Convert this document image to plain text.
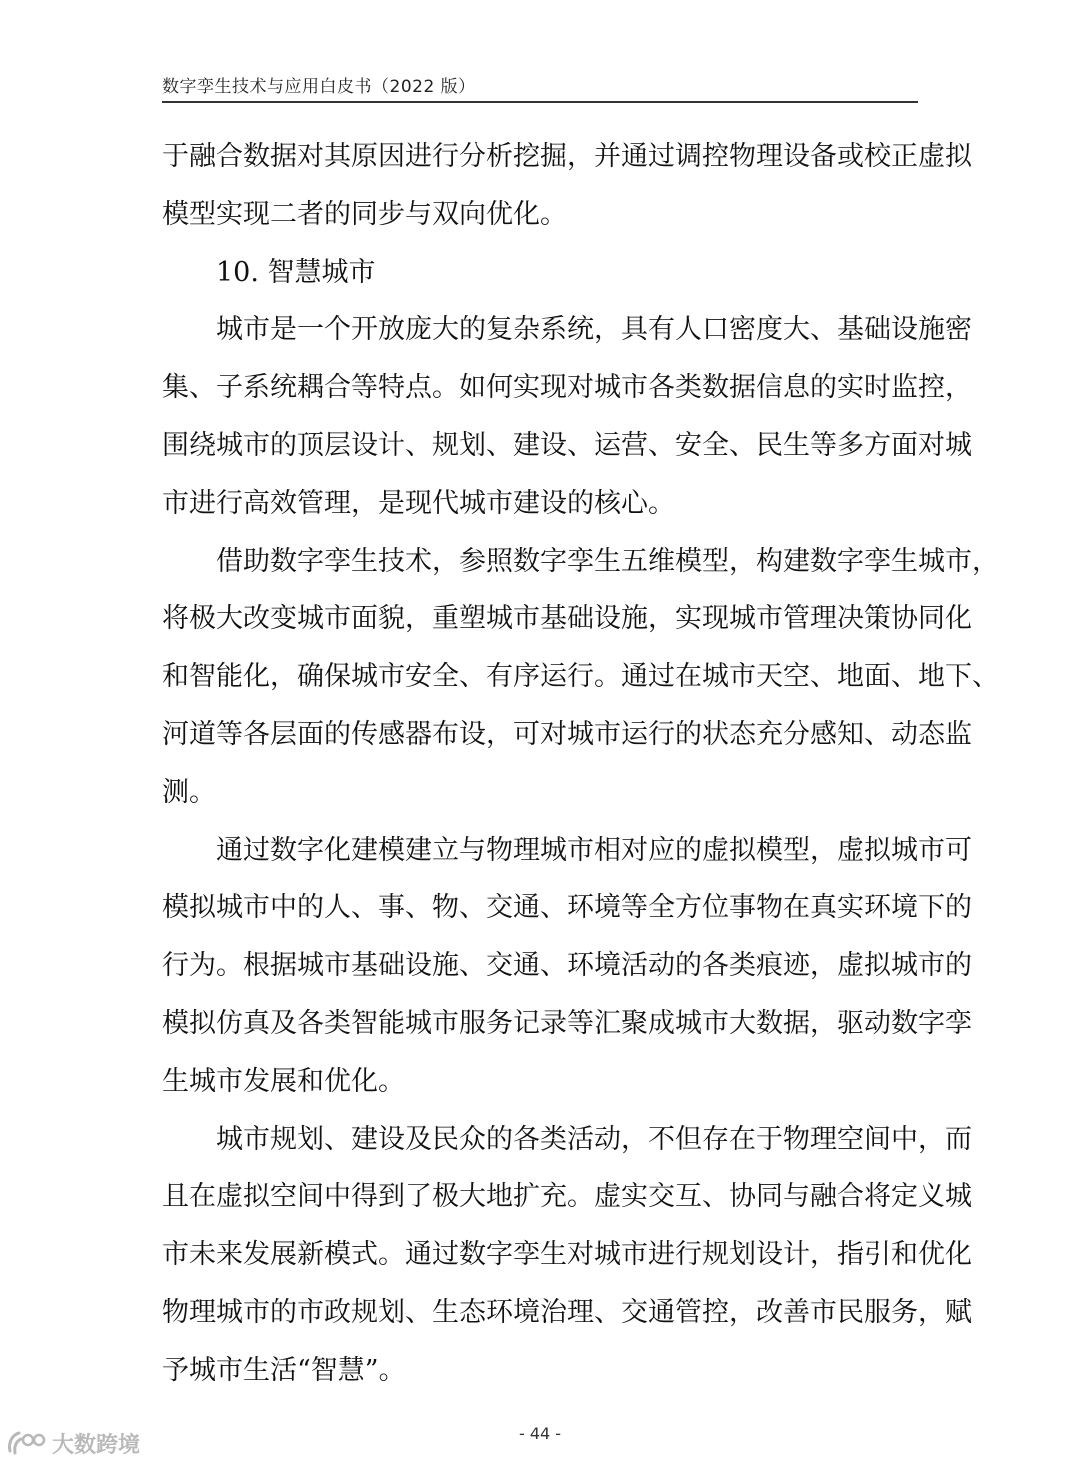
数字孪生技术与应用白皮书（2022 版）
于融合数据对其原因进行分析挖掘，并通过调控物理设备或校正虚拟
模型实现二者的同步与双向优化。
10. 智慧城市
城市是一个开放庞大的复杂系统，具有人口密度大、基础设施密
集、子系统耦合等特点。如何实现对城市各类数据信息的实时监控，
围绕城市的顶层设计、规划、建设、运营、安全、民生等多方面对城
市进行高效管理，是现代城市建设的核心。
借助数字孪生技术，参照数字孪生五维模型，构建数字孪生城市，
将极大改变城市面貌，重塑城市基础设施，实现城市管理决策协同化
和智能化，确保城市安全、有序运行。通过在城市天空、地面、地下、
河道等各层面的传感器布设，可对城市运行的状态充分感知、动态监
测。
通过数字化建模建立与物理城市相对应的虚拟模型，虚拟城市可
模拟城市中的人、事、物、交通、环境等全方位事物在真实环境下的
行为。根据城市基础设施、交通、环境活动的各类痕迹，虚拟城市的
模拟仿真及各类智能城市服务记录等汇聚成城市大数据，驱动数字孪
生城市发展和优化。
城市规划、建设及民众的各类活动，不但存在于物理空间中，而
且在虚拟空间中得到了极大地扩充。虚实交互、协同与融合将定义城
市未来发展新模式。通过数字孪生对城市进行规划设计，指引和优化
物理城市的市政规划、生态环境治理、交通管控，改善市民服务，赋
予城市生活“智慧”。
- 44 -
大数跨境
